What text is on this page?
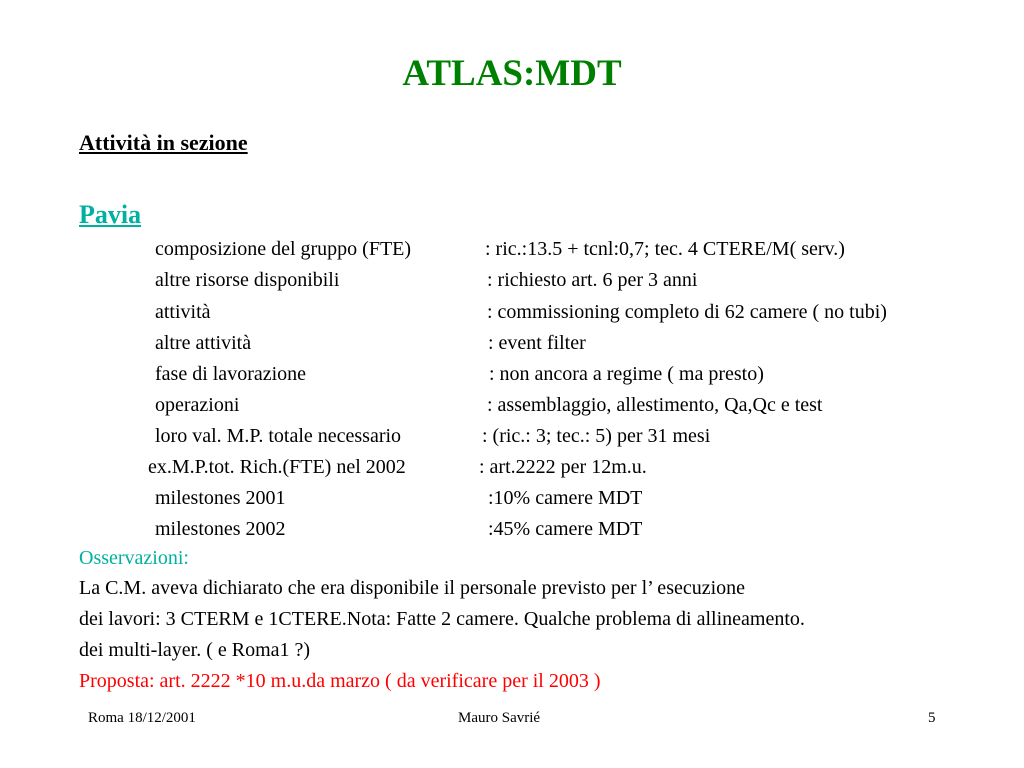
ATLAS:MDT
Attività in sezione
Pavia
composizione del gruppo (FTE)	: ric.:13.5 + tcnl:0,7; tec. 4 CTERE/M( serv.)
altre risorse disponibili	: richiesto art. 6 per 3 anni
attività	: commissioning completo di 62 camere ( no tubi)
altre attività	: event filter
fase di lavorazione	: non ancora a regime ( ma presto)
operazioni	: assemblaggio, allestimento, Qa,Qc e test
loro val. M.P. totale necessario	: (ric.: 3; tec.: 5) per 31 mesi
ex.M.P.tot. Rich.(FTE) nel 2002	: art.2222 per 12m.u.
milestones 2001	:10% camere MDT
milestones 2002	:45% camere MDT
Osservazioni:
La C.M. aveva dichiarato che era disponibile il personale previsto per l’ esecuzione
dei lavori: 3 CTERM e 1CTERE.Nota: Fatte 2 camere. Qualche problema di allineamento.
dei multi-layer. ( e Roma1 ?)
Proposta: art. 2222 *10 m.u.da marzo ( da verificare per il 2003 )
Roma 18/12/2001	Mauro Savrié	5
